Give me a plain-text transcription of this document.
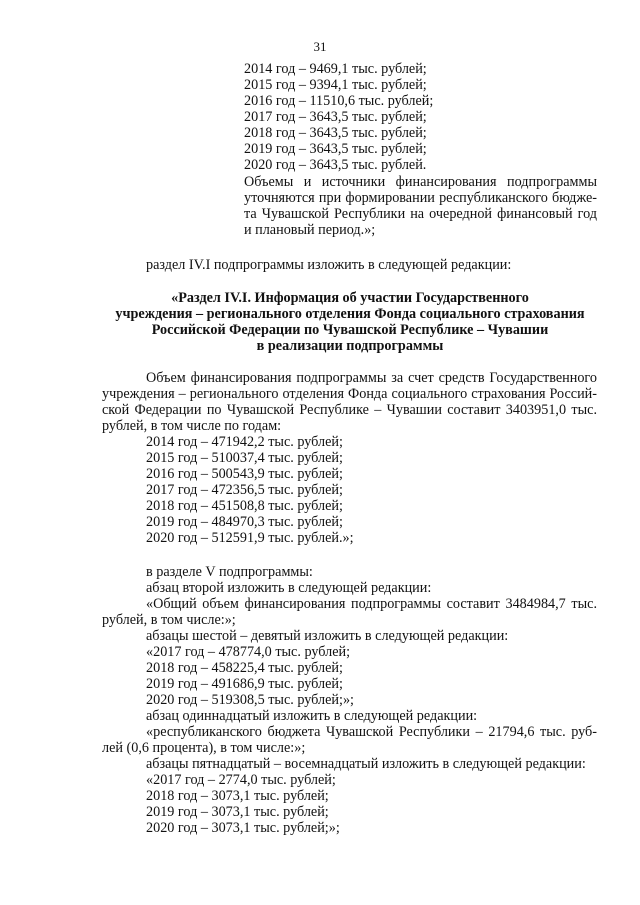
31
2014 год – 9469,1 тыс. рублей;
2015 год – 9394,1 тыс. рублей;
2016 год – 11510,6 тыс. рублей;
2017 год – 3643,5 тыс. рублей;
2018 год – 3643,5 тыс. рублей;
2019 год – 3643,5 тыс. рублей;
2020 год – 3643,5 тыс. рублей.
Объемы и источники финансирования подпрограммы
уточняются при формировании республиканского бюдже-
та Чувашской Республики на очередной финансовый год
и плановый период.»;
раздел IV.I подпрограммы изложить в следующей редакции:
«Раздел IV.I. Информация об участии Государственного
учреждения – регионального отделения Фонда социального страхования
Российской Федерации по Чувашской Республике – Чувашии
в реализации подпрограммы
Объем финансирования подпрограммы за счет средств Государственного
учреждения – регионального отделения Фонда социального страхования Россий-
ской Федерации по Чувашской Республике – Чувашии составит 3403951,0 тыс.
рублей, в том числе по годам:
2014 год – 471942,2 тыс. рублей;
2015 год – 510037,4 тыс. рублей;
2016 год – 500543,9 тыс. рублей;
2017 год – 472356,5 тыс. рублей;
2018 год – 451508,8 тыс. рублей;
2019 год – 484970,3 тыс. рублей;
2020 год – 512591,9 тыс. рублей.»;
в разделе V подпрограммы:
абзац второй изложить в следующей редакции:
«Общий объем финансирования подпрограммы составит 3484984,7 тыс.
рублей, в том числе:»;
абзацы шестой – девятый изложить в следующей редакции:
«2017 год – 478774,0 тыс. рублей;
2018 год – 458225,4 тыс. рублей;
2019 год – 491686,9 тыс. рублей;
2020 год – 519308,5 тыс. рублей;»;
абзац одиннадцатый изложить в следующей редакции:
«республиканского бюджета Чувашской Республики – 21794,6 тыс. руб-
лей (0,6 процента), в том числе:»;
абзацы пятнадцатый – восемнадцатый изложить в следующей редакции:
«2017 год – 2774,0 тыс. рублей;
2018 год – 3073,1 тыс. рублей;
2019 год – 3073,1 тыс. рублей;
2020 год – 3073,1 тыс. рублей;»;
